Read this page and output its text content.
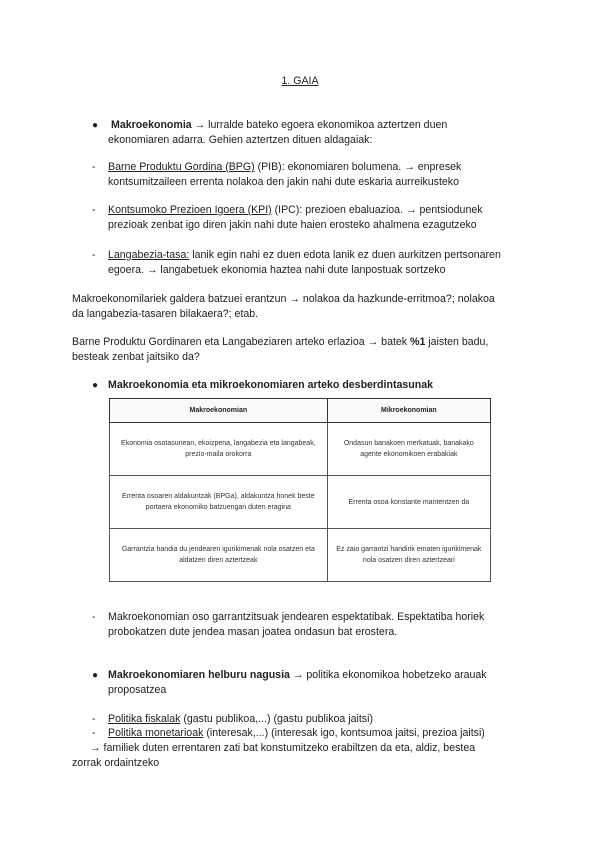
1. GAIA
● Makroekonomia → lurralde bateko egoera ekonomikoa aztertzen duen
ekonomiaren adarra. Gehien aztertzen dituen aldagaiak:
- Barne Produktu Gordina (BPG) (PIB): ekonomiaren bolumena. → enpresek
kontsumitzaileen errenta nolakoa den jakin nahi dute eskaria aurreikusteko
- Kontsumoko Prezioen Igoera (KPI) (IPC): prezioen ebaluazioa. → pentsiodunek
prezioak zenbat igo diren jakin nahi dute haien erosteko ahalmena ezagutzeko
- Langabezia-tasa: lanik egin nahi ez duen edota lanik ez duen aurkitzen pertsonaren
egoera. → langabetuek ekonomia haztea nahi dute lanpostuak sortzeko
Makroekonomilariek galdera batzuei erantzun → nolakoa da hazkunde-erritmoa?; nolakoa
da langabezia-tasaren bilakaera?; etab.
Barne Produktu Gordinaren eta Langabeziaren arteko erlazioa → batek %1 jaisten badu,
besteak zenbat jaitsiko da?
● Makroekonomia eta mikroekonomiaren arteko desberdintasunak
Makroekonomian	Mikroekonomian
Ekonomia osotasunean, ekoizpena, langabezia eta langabeak, prezio-maila orokorra	Ondasun banakoen merkatuak, banakako agente ekonomikoen erabakiak
Errenta osoaren aldakuntzak (BPGa), aldakuntza honek beste portaera ekonomiko batzuengan duten eragina	Errenta osoa konstante mantentzen da
Garrantzia handia du jendearen igurikimenak nola osatzen eta aldatzen diren aztertzeak	Ez zaio garrantzi handirik ematen igurikimenak nola osatzen diren aztertzeari
- Makroekonomian oso garrantzitsuak jendearen espektatibak. Espektatiba horiek
probokatzen dute jendea masan joatea ondasun bat erostera.
● Makroekonomiaren helburu nagusia → politika ekonomikoa hobetzeko arauak
proposatzea
- Politika fiskalak (gastu publikoa,...) (gastu publikoa jaitsi)
- Politika monetarioak (interesak,...) (interesak igo, kontsumoa jaitsi, prezioa jaitsi)
→ familiek duten errentaren zati bat konstumitzeko erabiltzen da eta, aldiz, bestea
zorrak ordaintzeko
